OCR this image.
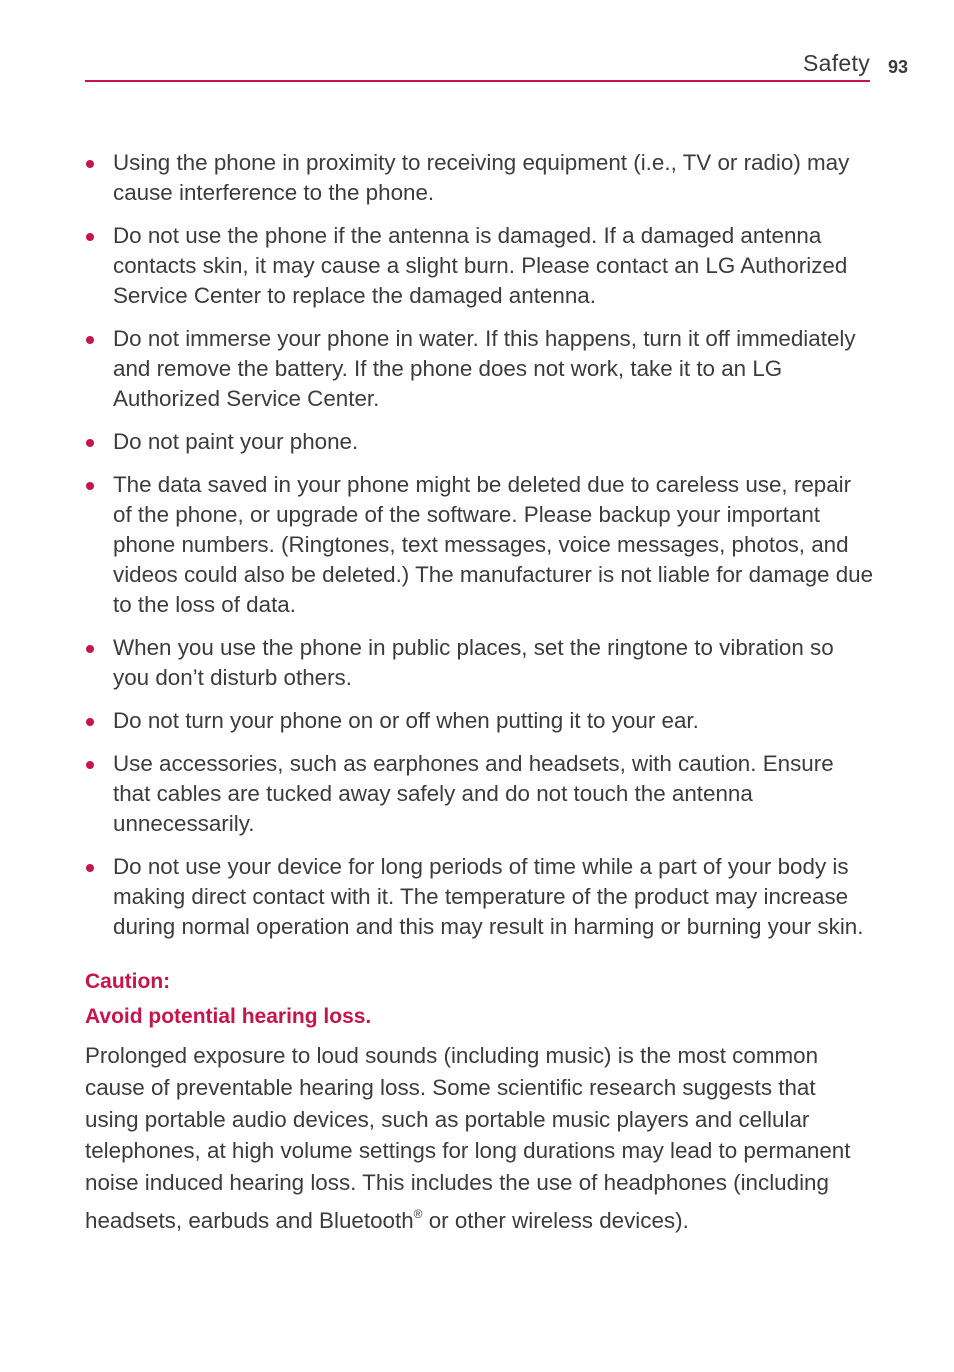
Safety 93
Using the phone in proximity to receiving equipment (i.e., TV or radio) may cause interference to the phone.
Do not use the phone if the antenna is damaged. If a damaged antenna contacts skin, it may cause a slight burn. Please contact an LG Authorized Service Center to replace the damaged antenna.
Do not immerse your phone in water. If this happens, turn it off immediately and remove the battery. If the phone does not work, take it to an LG Authorized Service Center.
Do not paint your phone.
The data saved in your phone might be deleted due to careless use, repair of the phone, or upgrade of the software. Please backup your important phone numbers. (Ringtones, text messages, voice messages, photos, and videos could also be deleted.) The manufacturer is not liable for damage due to the loss of data.
When you use the phone in public places, set the ringtone to vibration so you don’t disturb others.
Do not turn your phone on or off when putting it to your ear.
Use accessories, such as earphones and headsets, with caution. Ensure that cables are tucked away safely and do not touch the antenna unnecessarily.
Do not use your device for long periods of time while a part of your body is making direct contact with it. The temperature of the product may increase during normal operation and this may result in harming or burning your skin.
Caution:
Avoid potential hearing loss.
Prolonged exposure to loud sounds (including music) is the most common cause of preventable hearing loss. Some scientific research suggests that using portable audio devices, such as portable music players and cellular telephones, at high volume settings for long durations may lead to permanent noise induced hearing loss. This includes the use of headphones (including headsets, earbuds and Bluetooth® or other wireless devices).
